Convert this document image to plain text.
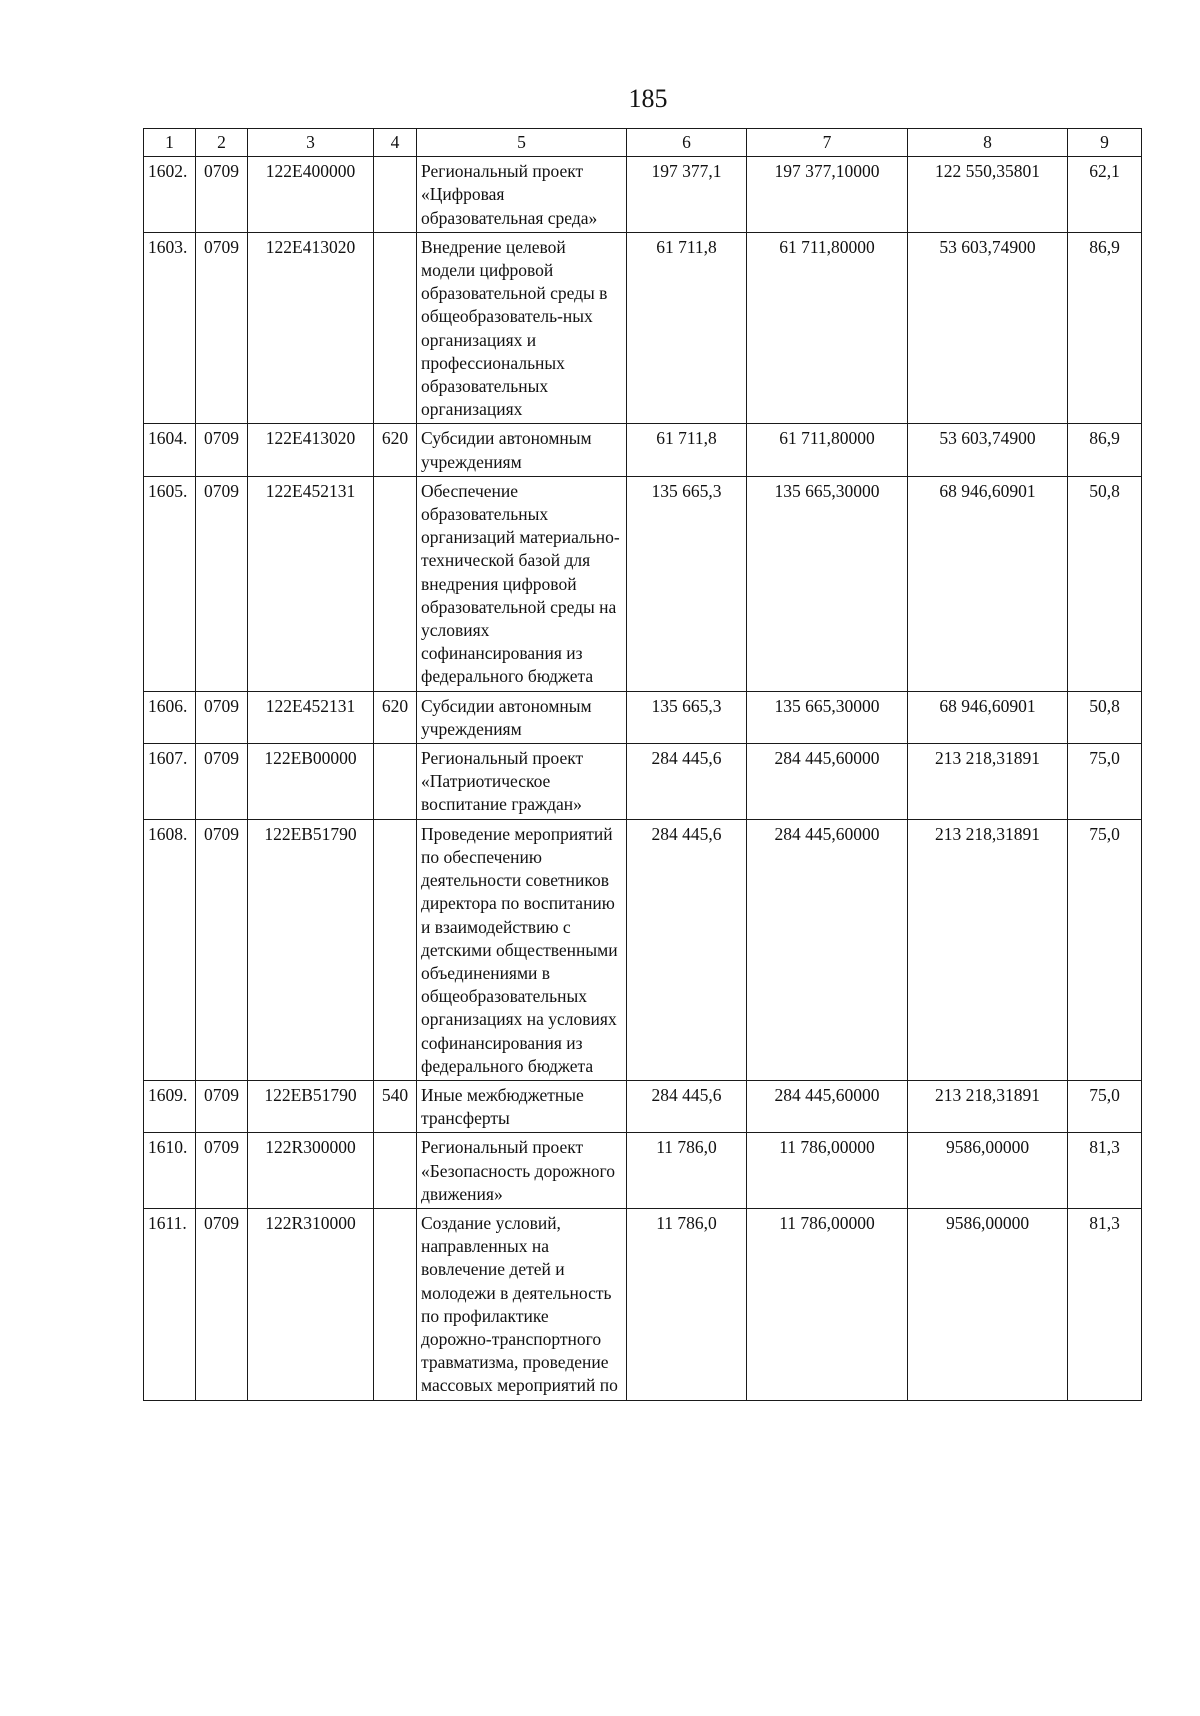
185
1	2	3	4	5	6	7	8	9
1602.	0709	122E400000		Региональный проект «Цифровая образовательная среда»	197 377,1	197 377,10000	122 550,35801	62,1
1603.	0709	122E413020		Внедрение целевой модели цифровой образовательной среды в общеобразователь-ных организациях и профессиональных образовательных организациях	61 711,8	61 711,80000	53 603,74900	86,9
1604.	0709	122E413020	620	Субсидии автономным учреждениям	61 711,8	61 711,80000	53 603,74900	86,9
1605.	0709	122E452131		Обеспечение образовательных организаций материально-технической базой для внедрения цифровой образовательной среды на условиях софинансирования из федерального бюджета	135 665,3	135 665,30000	68 946,60901	50,8
1606.	0709	122E452131	620	Субсидии автономным учреждениям	135 665,3	135 665,30000	68 946,60901	50,8
1607.	0709	122EB00000		Региональный проект «Патриотическое воспитание граждан»	284 445,6	284 445,60000	213 218,31891	75,0
1608.	0709	122EB51790		Проведение мероприятий по обеспечению деятельности советников директора по воспитанию и взаимодействию с детскими общественными объединениями в общеобразовательных организациях на условиях софинансирования из федерального бюджета	284 445,6	284 445,60000	213 218,31891	75,0
1609.	0709	122EB51790	540	Иные межбюджетные трансферты	284 445,6	284 445,60000	213 218,31891	75,0
1610.	0709	122R300000		Региональный проект «Безопасность дорожного движения»	11 786,0	11 786,00000	9586,00000	81,3
1611.	0709	122R310000		Создание условий, направленных на вовлечение детей и молодежи в деятельность по профилактике дорожно-транспортного травматизма, проведение массовых мероприятий по	11 786,0	11 786,00000	9586,00000	81,3
